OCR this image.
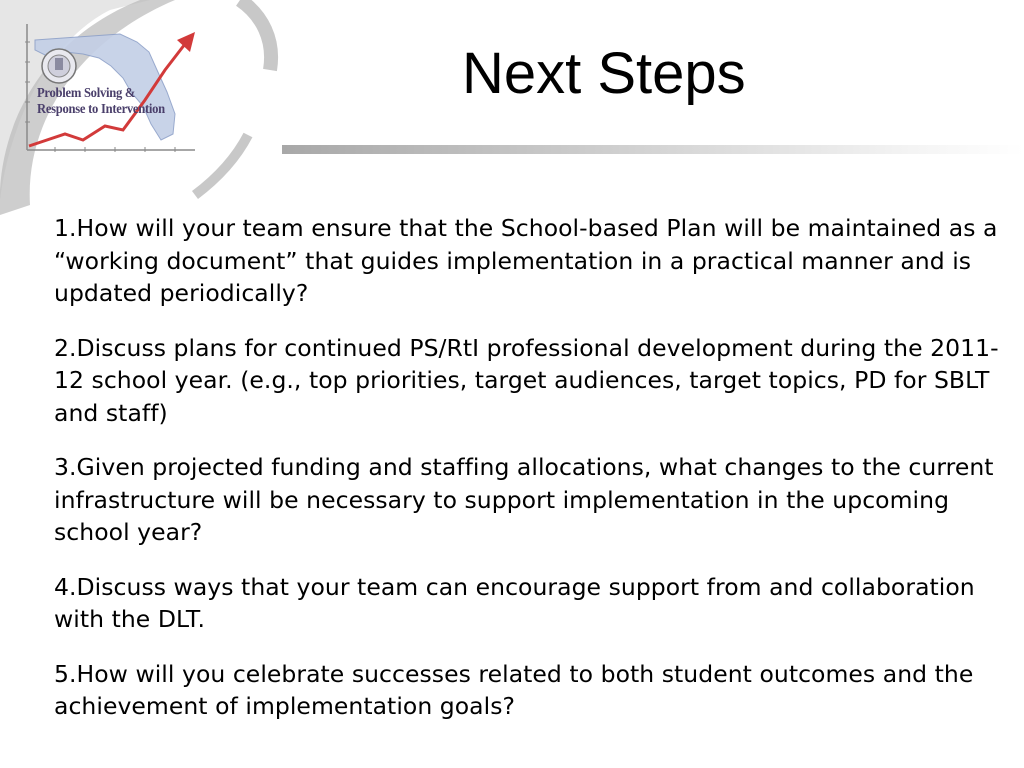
Problem Solving &
Response to Intervention
Next Steps
1.How will your team ensure that the School-based Plan will be maintained as a “working document” that guides implementation in a practical manner and is updated periodically?
2.Discuss plans for continued PS/RtI professional development during the 2011-12 school year. (e.g., top priorities, target audiences, target topics, PD for SBLT and staff)
3.Given projected funding and staffing allocations, what changes to the current infrastructure will be necessary to support implementation in the upcoming school year?
4.Discuss ways that your team can encourage support from and collaboration with the DLT.
5.How will you celebrate successes related to both student outcomes and the achievement of implementation goals?
